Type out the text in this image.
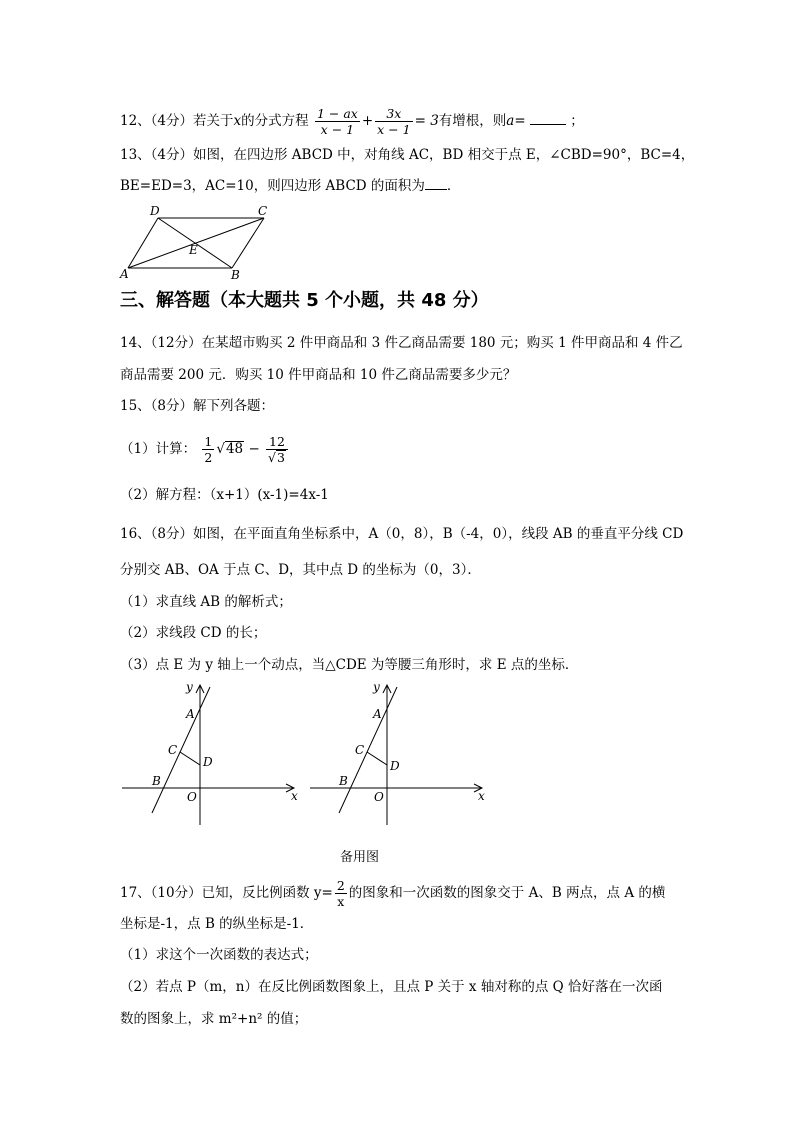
12、（4分）若关于x的分式方程 $\frac{1 - ax}{x - 1} + \frac{3x}{x - 1} = 3$有增根，则a=	；
13、（4分）如图，在四边形 ABCD 中，对角线 AC，BD 相交于点 E，∠CBD=90°，BC=4，
BE=ED=3，AC=10，则四边形 ABCD 的面积为 ．
D	C
E
A	B
三、解答题（本大题共 5 个小题，共 48 分）
14、（12分）在某超市购买 2 件甲商品和 3 件乙商品需要 180 元；购买 1 件甲商品和 4 件乙
商品需要 200 元．购买 10 件甲商品和 10 件乙商品需要多少元？
15、（8分）解下列各题：
（1）计算： $\frac{1}{2} √48 - \frac{12}{√3}$
（2）解方程：（x+1）(x-1)=4x-1
16、（8分）如图，在平面直角坐标系中，A（0，8），B（-4，0），线段 AB 的垂直平分线 CD
分别交 AB、OA 于点 C、D，其中点 D 的坐标为（0，3）．
（1）求直线 AB 的解析式；
（2）求线段 CD 的长；
（3）点 E 为 y 轴上一个动点，当△CDE 为等腰三角形时，求 E 点的坐标．
y
A
C
D
B
O	x
y
A
C
D
B
O	x
备用图
17、（10分）已知，反比例函数 $y= \frac{2}{x}$ 的图象和一次函数的图象交于 A、B 两点，点 A 的横
坐标是-1，点 B 的纵坐标是-1．
（1）求这个一次函数的表达式；
（2）若点 P（m，n）在反比例函数图象上，且点 P 关于 x 轴对称的点 Q 恰好落在一次函
数的图象上，求 m²+n² 的值；
